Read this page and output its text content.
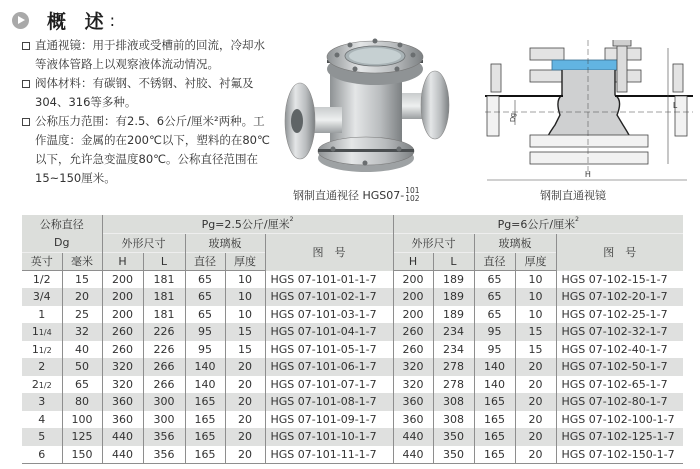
概 述 :
直通视镜：用于排液或受槽前的回流，冷却水等液体管路上以观察液体流动情况。
阀体材料：有碳钢、不锈钢、衬胶、衬氟及304、316等多种。
公称压力范围：有2.5、6公斤/厘米²两种。工作温度：金属的在200℃以下，塑料的在80℃以下，允许急变温度80℃。公称直径范围在15~150厘米。
钢制直通视径 HGS07- 101
102
H
L
Dg
钢制直通视镜
公称直径		Pg=2.5公斤/厘米$^2$					Pg=6公斤/厘米$^2$
Dg		外形尺寸		玻璃板		图　号	外形尺寸		玻璃板		图　号
英寸	毫米	H	L	直径	厚度		H	L	直径	厚度	
1/2	15	200	181	65	10	HGS 07-101-01-1-7	200	189	65	10	HGS 07-102-15-1-7
3/4	20	200	181	65	10	HGS 07-101-02-1-7	200	189	65	10	HGS 07-102-20-1-7
1	25	200	181	65	10	HGS 07-101-03-1-7	200	189	65	10	HGS 07-102-25-1-7
11/4	32	260	226	95	15	HGS 07-101-04-1-7	260	234	95	15	HGS 07-102-32-1-7
11/2	40	260	226	95	15	HGS 07-101-05-1-7	260	234	95	15	HGS 07-102-40-1-7
2	50	320	266	140	20	HGS 07-101-06-1-7	320	278	140	20	HGS 07-102-50-1-7
21/2	65	320	266	140	20	HGS 07-101-07-1-7	320	278	140	20	HGS 07-102-65-1-7
3	80	360	300	165	20	HGS 07-101-08-1-7	360	308	165	20	HGS 07-102-80-1-7
4	100	360	300	165	20	HGS 07-101-09-1-7	360	308	165	20	HGS 07-102-100-1-7
5	125	440	356	165	20	HGS 07-101-10-1-7	440	350	165	20	HGS 07-102-125-1-7
6	150	440	356	165	20	HGS 07-101-11-1-7	440	350	165	20	HGS 07-102-150-1-7
